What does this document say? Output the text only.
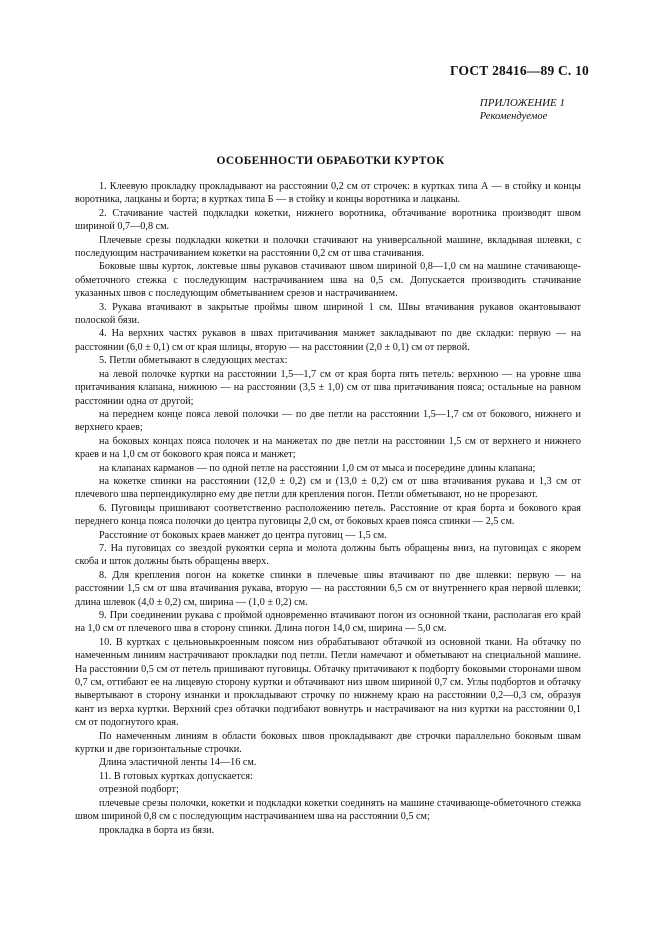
ГОСТ 28416—89 С. 10
ПРИЛОЖЕНИЕ 1
Рекомендуемое
ОСОБЕННОСТИ ОБРАБОТКИ КУРТОК

1. Клеевую прокладку прокладывают на расстоянии 0,2 см от строчек: в куртках типа А — в стойку и концы воротника, лацканы и борта; в куртках типа Б — в стойку и концы воротника и лацканы.

2. Стачивание частей подкладки кокетки, нижнего воротника, обтачивание воротника производят швом шириной 0,7—0,8 см.

Плечевые срезы подкладки кокетки и полочки стачивают на универсальной машине, вкладывая шлевки, с последующим настрачиванием кокетки на расстоянии 0,2 см от шва стачивания.

Боковые швы курток, локтевые швы рукавов стачивают швом шириной 0,8—1,0 см на машине стачивающе-обметочного стежка с последующим настрачиванием шва на 0,5 см. Допускается производить стачивание указанных швов с последующим обметыванием срезов и настрачиванием.

3. Рукава втачивают в закрытые проймы швом шириной 1 см. Швы втачивания рукавов окантовывают полоской бязи.

4. На верхних частях рукавов в швах притачивания манжет закладывают по две складки: первую — на расстоянии (6,0 ± 0,1) см от края шлицы, вторую — на расстоянии (2,0 ± 0,1) см от первой.

5. Петли обметывают в следующих местах:

на левой полочке куртки на расстоянии 1,5—1,7 см от края борта пять петель: верхнюю — на уровне шва притачивания клапана, нижнюю — на расстоянии (3,5 ± 1,0) см от шва притачивания пояса; остальные на равном расстоянии одна от другой;

на переднем конце пояса левой полочки — по две петли на расстоянии 1,5—1,7 см от бокового, нижнего и верхнего краев;

на боковых концах пояса полочек и на манжетах по две петли на расстоянии 1,5 см от верхнего и нижнего краев и на 1,0 см от бокового края пояса и манжет;

на клапанах карманов — по одной петле на расстоянии 1,0 см от мыса и посередине длины клапана;

на кокетке спинки на расстоянии (12,0 ± 0,2) см и (13,0 ± 0,2) см от шва втачивания рукава и 1,3 см от плечевого шва перпендикулярно ему две петли для крепления погон. Петли обметывают, но не прорезают.

6. Пуговицы пришивают соответственно расположению петель. Расстояние от края борта и бокового края переднего конца пояса полочки до центра пуговицы 2,0 см, от боковых краев пояса спинки — 2,5 см.

Расстояние от боковых краев манжет до центра пуговиц — 1,5 см.

7. На пуговицах со звездой рукоятки серпа и молота должны быть обращены вниз, на пуговицах с якорем скоба и шток должны быть обращены вверх.

8. Для крепления погон на кокетке спинки в плечевые швы втачивают по две шлевки: первую — на расстоянии 1,5 см от шва втачивания рукава, вторую — на расстоянии 6,5 см от внутреннего края первой шлевки; длина шлевок (4,0 ± 0,2) см, ширина — (1,0 ± 0,2) см.

9. При соединении рукава с проймой одновременно втачивают погон из основной ткани, располагая его край на 1,0 см от плечевого шва в сторону спинки. Длина погон 14,0 см, ширина — 5,0 см.

10. В куртках с цельновыкроенным поясом низ обрабатывают обтачкой из основной ткани. На обтачку по намеченным линиям настрачивают прокладки под петли. Петли намечают и обметывают на специальной машине. На расстоянии 0,5 см от петель пришивают пуговицы. Обтачку притачивают к подборту боковыми сторонами швом 0,7 см, оттибают ее на лицевую сторону куртки и обтачивают низ швом шириной 0,7 см. Углы подбортов и обтачку вывертывают в сторону изнанки и прокладывают строчку по нижнему краю на расстоянии 0,2—0,3 см, образуя кант из верха куртки. Верхний срез обтачки подгибают вовнутрь и настрачивают на низ куртки на расстоянии 0,1 см от подогнутого края.

По намеченным линиям в области боковых швов прокладывают две строчки параллельно боковым швам куртки и две горизонтальные строчки.

Длина эластичной ленты 14—16 см.

11. В готовых куртках допускается:

отрезной подборт;

плечевые срезы полочки, кокетки и подкладки кокетки соединять на машине стачивающе-обметочного стежка швом шириной 0,8 см с последующим настрачиванием шва на расстоянии 0,5 см;

прокладка в борта из бязи.
